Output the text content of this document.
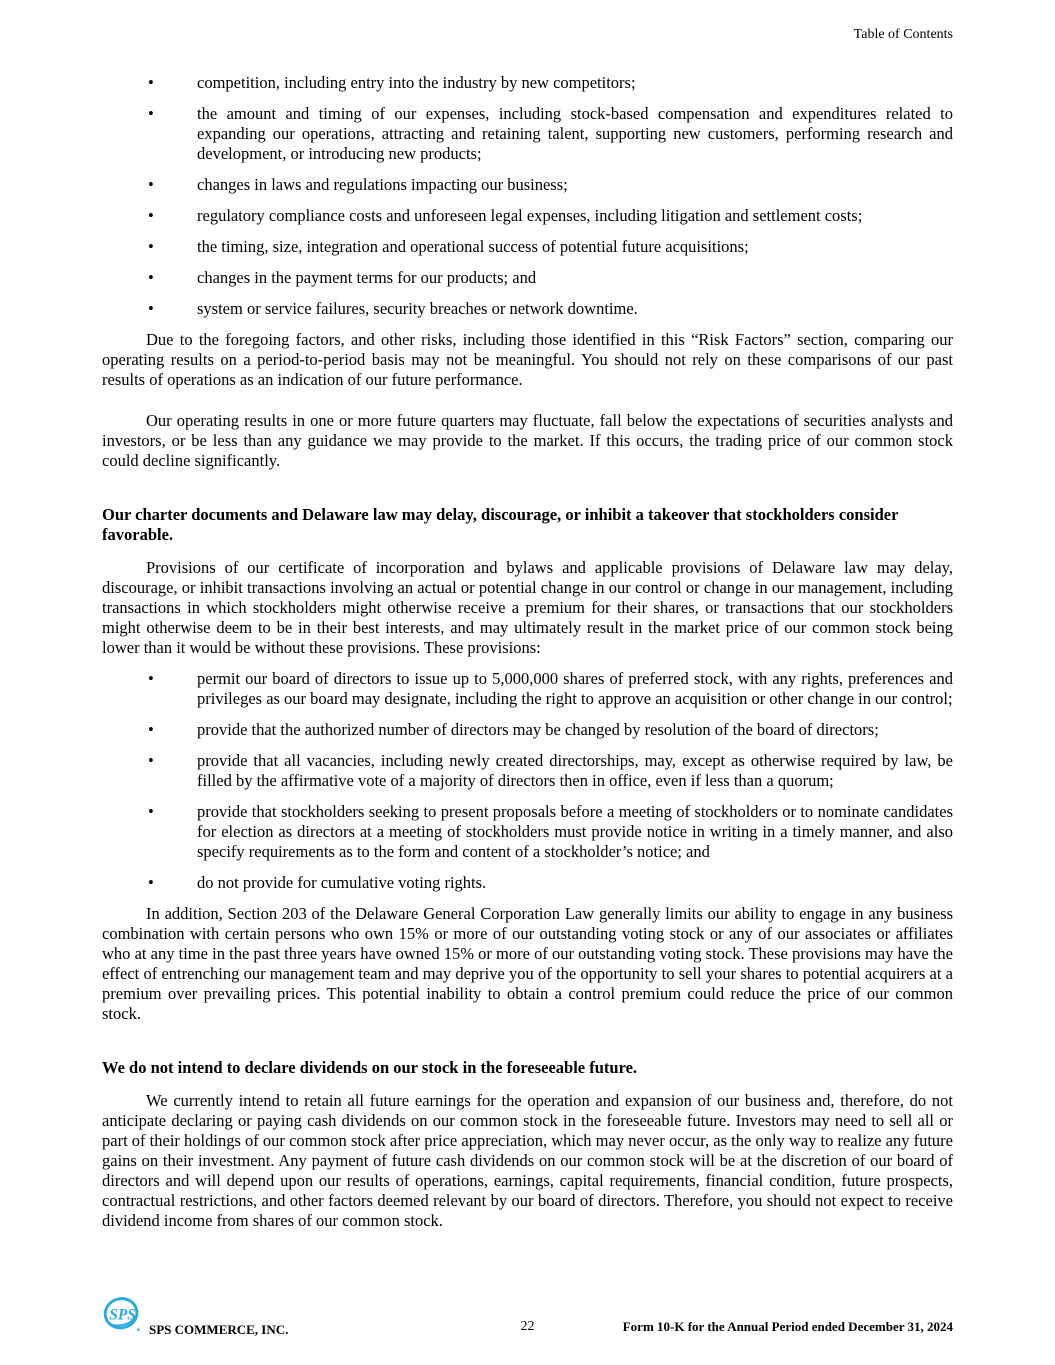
Table of Contents
•	competition, including entry into the industry by new competitors;
•	the amount and timing of our expenses, including stock-based compensation and expenditures related to expanding our operations, attracting and retaining talent, supporting new customers, performing research and development, or introducing new products;
•	changes in laws and regulations impacting our business;
•	regulatory compliance costs and unforeseen legal expenses, including litigation and settlement costs;
•	the timing, size, integration and operational success of potential future acquisitions;
•	changes in the payment terms for our products; and
•	system or service failures, security breaches or network downtime.

Due to the foregoing factors, and other risks, including those identified in this “Risk Factors” section, comparing our operating results on a period-to-period basis may not be meaningful. You should not rely on these comparisons of our past results of operations as an indication of our future performance.

Our operating results in one or more future quarters may fluctuate, fall below the expectations of securities analysts and investors, or be less than any guidance we may provide to the market. If this occurs, the trading price of our common stock could decline significantly.

Our charter documents and Delaware law may delay, discourage, or inhibit a takeover that stockholders consider favorable.

Provisions of our certificate of incorporation and bylaws and applicable provisions of Delaware law may delay, discourage, or inhibit transactions involving an actual or potential change in our control or change in our management, including transactions in which stockholders might otherwise receive a premium for their shares, or transactions that our stockholders might otherwise deem to be in their best interests, and may ultimately result in the market price of our common stock being lower than it would be without these provisions. These provisions:

•	permit our board of directors to issue up to 5,000,000 shares of preferred stock, with any rights, preferences and privileges as our board may designate, including the right to approve an acquisition or other change in our control;
•	provide that the authorized number of directors may be changed by resolution of the board of directors;
•	provide that all vacancies, including newly created directorships, may, except as otherwise required by law, be filled by the affirmative vote of a majority of directors then in office, even if less than a quorum;
•	provide that stockholders seeking to present proposals before a meeting of stockholders or to nominate candidates for election as directors at a meeting of stockholders must provide notice in writing in a timely manner, and also specify requirements as to the form and content of a stockholder’s notice; and
•	do not provide for cumulative voting rights.

In addition, Section 203 of the Delaware General Corporation Law generally limits our ability to engage in any business combination with certain persons who own 15% or more of our outstanding voting stock or any of our associates or affiliates who at any time in the past three years have owned 15% or more of our outstanding voting stock. These provisions may have the effect of entrenching our management team and may deprive you of the opportunity to sell your shares to potential acquirers at a premium over prevailing prices. This potential inability to obtain a control premium could reduce the price of our common stock.

We do not intend to declare dividends on our stock in the foreseeable future.

We currently intend to retain all future earnings for the operation and expansion of our business and, therefore, do not anticipate declaring or paying cash dividends on our common stock in the foreseeable future. Investors may need to sell all or part of their holdings of our common stock after price appreciation, which may never occur, as the only way to realize any future gains on their investment. Any payment of future cash dividends on our common stock will be at the discretion of our board of directors and will depend upon our results of operations, earnings, capital requirements, financial condition, future prospects, contractual restrictions, and other factors deemed relevant by our board of directors. Therefore, you should not expect to receive dividend income from shares of our common stock.

SPS
SPS COMMERCE, INC.	22	Form 10-K for the Annual Period ended December 31, 2024
